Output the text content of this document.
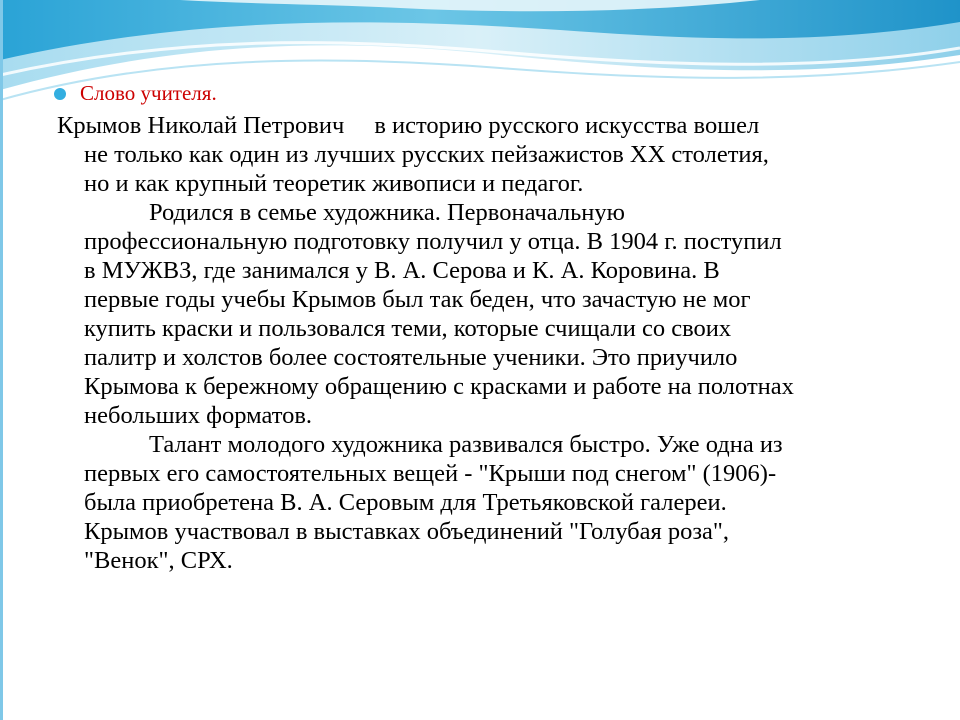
Слово учителя.
Крымов Николай Петрович в историю русского искусства вошел
не только как один из лучших русских пейзажистов XX столетия,
но и как крупный теоретик живописи и педагог.
Родился в семье художника. Первоначальную
профессиональную подготовку получил у отца. В 1904 г. поступил
в МУЖВЗ, где занимался у В. А. Серова и К. А. Коровина. В
первые годы учебы Крымов был так беден, что зачастую не мог
купить краски и пользовался теми, которые счищали со своих
палитр и холстов более состоятельные ученики. Это приучило
Крымова к бережному обращению с красками и работе на полотнах
небольших форматов.
Талант молодого художника развивался быстро. Уже одна из
первых его самостоятельных вещей - "Крыши под снегом" (1906)-
была приобретена В. А. Серовым для Третьяковской галереи.
Крымов участвовал в выставках объединений "Голубая роза",
"Венок", СРХ.
